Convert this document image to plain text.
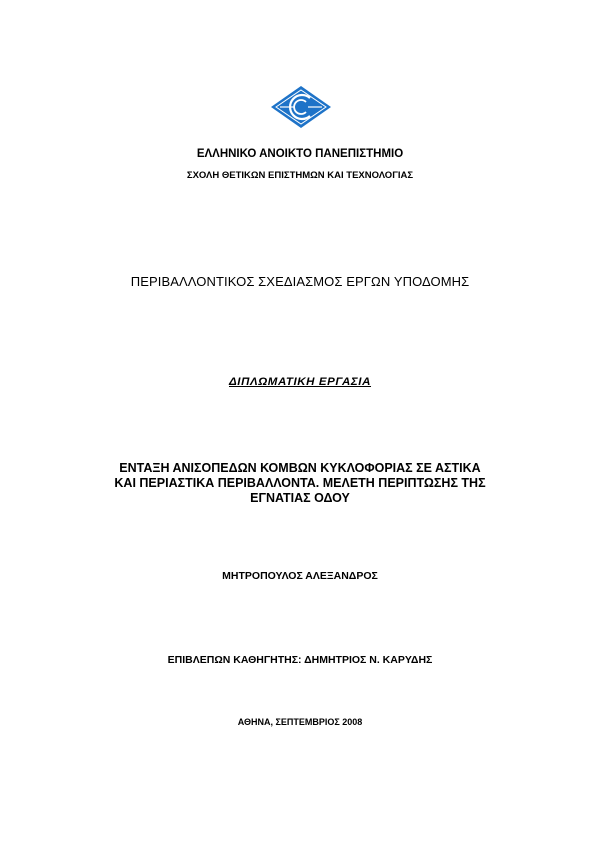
ΕΛΛΗΝΙΚΟ ΑΝΟΙΚΤΟ ΠΑΝΕΠΙΣΤΗΜΙΟ
ΣΧΟΛΗ ΘΕΤΙΚΩΝ ΕΠΙΣΤΗΜΩΝ ΚΑΙ ΤΕΧΝΟΛΟΓΙΑΣ
ΠΕΡΙΒΑΛΛΟΝΤΙΚΟΣ ΣΧΕΔΙΑΣΜΟΣ ΕΡΓΩΝ ΥΠΟΔΟΜΗΣ
ΔΙΠΛΩΜΑΤΙΚΗ ΕΡΓΑΣΙΑ
ΕΝΤΑΞΗ ΑΝΙΣΟΠΕΔΩΝ ΚΟΜΒΩΝ ΚΥΚΛΟΦΟΡΙΑΣ ΣΕ ΑΣΤΙΚΑ
ΚΑΙ ΠΕΡΙΑΣΤΙΚΑ ΠΕΡΙΒΑΛΛΟΝΤΑ. ΜΕΛΕΤΗ ΠΕΡΙΠΤΩΣΗΣ ΤΗΣ
ΕΓΝΑΤΙΑΣ ΟΔΟΥ
ΜΗΤΡΟΠΟΥΛΟΣ ΑΛΕΞΑΝΔΡΟΣ
ΕΠΙΒΛΕΠΩΝ ΚΑΘΗΓΗΤΗΣ: ΔΗΜΗΤΡΙΟΣ Ν. ΚΑΡΥΔΗΣ
ΑΘΗΝΑ, ΣΕΠΤΕΜΒΡΙΟΣ 2008
